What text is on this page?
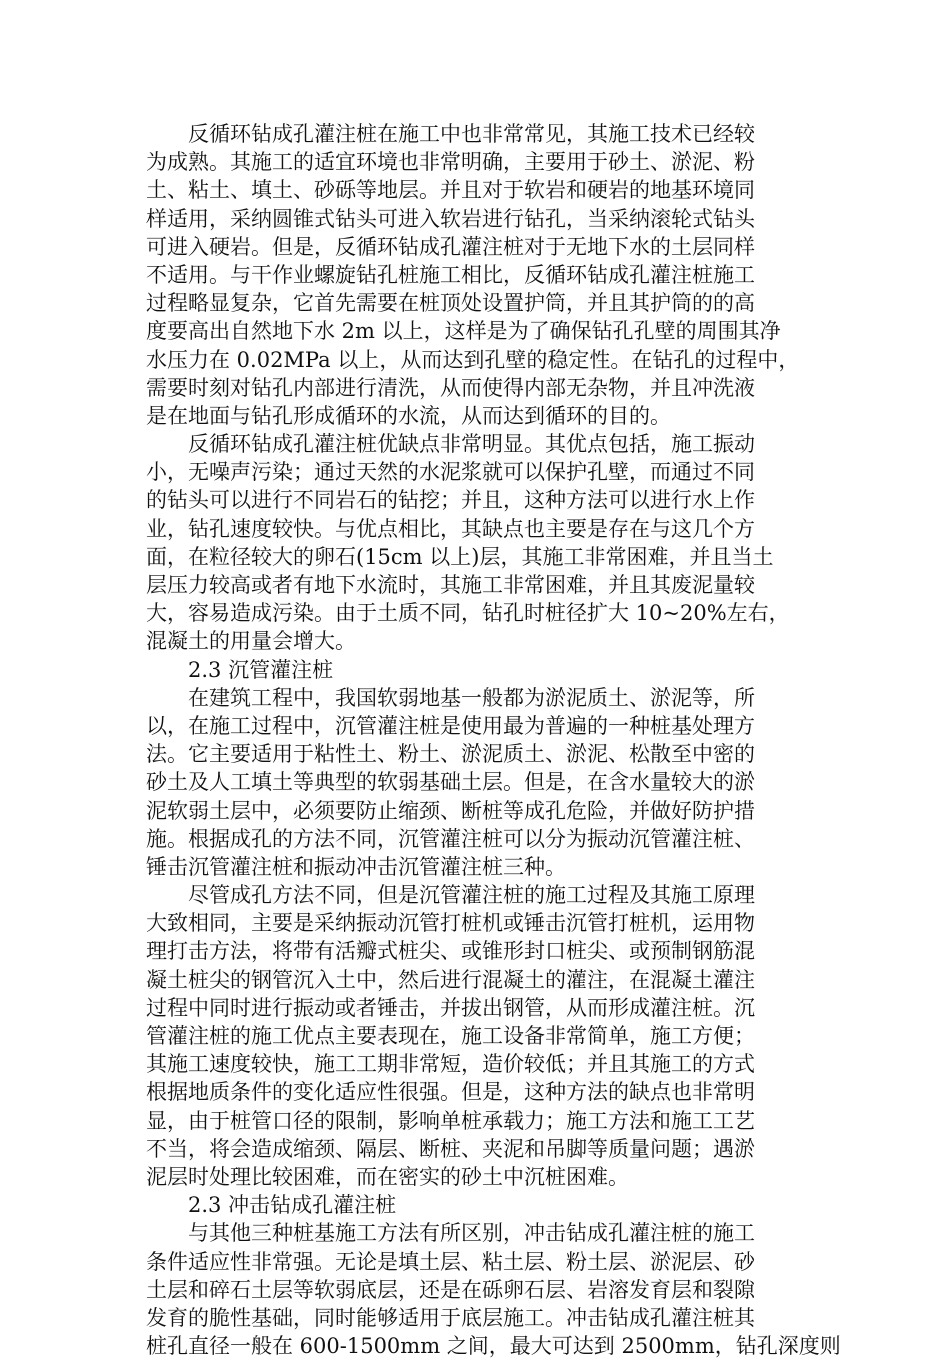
反循环钻成孔灌注桩在施工中也非常常见，其施工技术已经较
为成熟。其施工的适宜环境也非常明确，主要用于砂土、淤泥、粉
土、粘土、填土、砂砾等地层。并且对于软岩和硬岩的地基环境同
样适用，采纳圆锥式钻头可进入软岩进行钻孔，当采纳滚轮式钻头
可进入硬岩。但是，反循环钻成孔灌注桩对于无地下水的土层同样
不适用。与干作业螺旋钻孔桩施工相比，反循环钻成孔灌注桩施工
过程略显复杂，它首先需要在桩顶处设置护筒，并且其护筒的的高
度要高出自然地下水 2m 以上，这样是为了确保钻孔孔壁的周围其净
水压力在 0.02MPa 以上，从而达到孔壁的稳定性。在钻孔的过程中，
需要时刻对钻孔内部进行清洗，从而使得内部无杂物，并且冲洗液
是在地面与钻孔形成循环的水流，从而达到循环的目的。
反循环钻成孔灌注桩优缺点非常明显。其优点包括，施工振动
小，无噪声污染；通过天然的水泥浆就可以保护孔壁，而通过不同
的钻头可以进行不同岩石的钻挖；并且，这种方法可以进行水上作
业，钻孔速度较快。与优点相比，其缺点也主要是存在与这几个方
面，在粒径较大的卵石(15cm 以上)层，其施工非常困难，并且当土
层压力较高或者有地下水流时，其施工非常困难，并且其废泥量较
大，容易造成污染。由于土质不同，钻孔时桩径扩大 10~20%左右，
混凝土的用量会增大。
2.3 沉管灌注桩
在建筑工程中，我国软弱地基一般都为淤泥质土、淤泥等，所
以，在施工过程中，沉管灌注桩是使用最为普遍的一种桩基处理方
法。它主要适用于粘性土、粉土、淤泥质土、淤泥、松散至中密的
砂土及人工填土等典型的软弱基础土层。但是，在含水量较大的淤
泥软弱土层中，必须要防止缩颈、断桩等成孔危险，并做好防护措
施。根据成孔的方法不同，沉管灌注桩可以分为振动沉管灌注桩、
锤击沉管灌注桩和振动冲击沉管灌注桩三种。
尽管成孔方法不同，但是沉管灌注桩的施工过程及其施工原理
大致相同，主要是采纳振动沉管打桩机或锤击沉管打桩机，运用物
理打击方法，将带有活瓣式桩尖、或锥形封口桩尖、或预制钢筋混
凝土桩尖的钢管沉入土中，然后进行混凝土的灌注，在混凝土灌注
过程中同时进行振动或者锤击，并拔出钢管，从而形成灌注桩。沉
管灌注桩的施工优点主要表现在，施工设备非常简单，施工方便；
其施工速度较快，施工工期非常短，造价较低；并且其施工的方式
根据地质条件的变化适应性很强。但是，这种方法的缺点也非常明
显，由于桩管口径的限制，影响单桩承载力；施工方法和施工工艺
不当，将会造成缩颈、隔层、断桩、夹泥和吊脚等质量问题；遇淤
泥层时处理比较困难，而在密实的砂土中沉桩困难。
2.3 冲击钻成孔灌注桩
与其他三种桩基施工方法有所区别，冲击钻成孔灌注桩的施工
条件适应性非常强。无论是填土层、粘土层、粉土层、淤泥层、砂
土层和碎石土层等软弱底层，还是在砾卵石层、岩溶发育层和裂隙
发育的脆性基础，同时能够适用于底层施工。冲击钻成孔灌注桩其
桩孔直径一般在 600-1500mm 之间，最大可达到 2500mm，钻孔深度则
